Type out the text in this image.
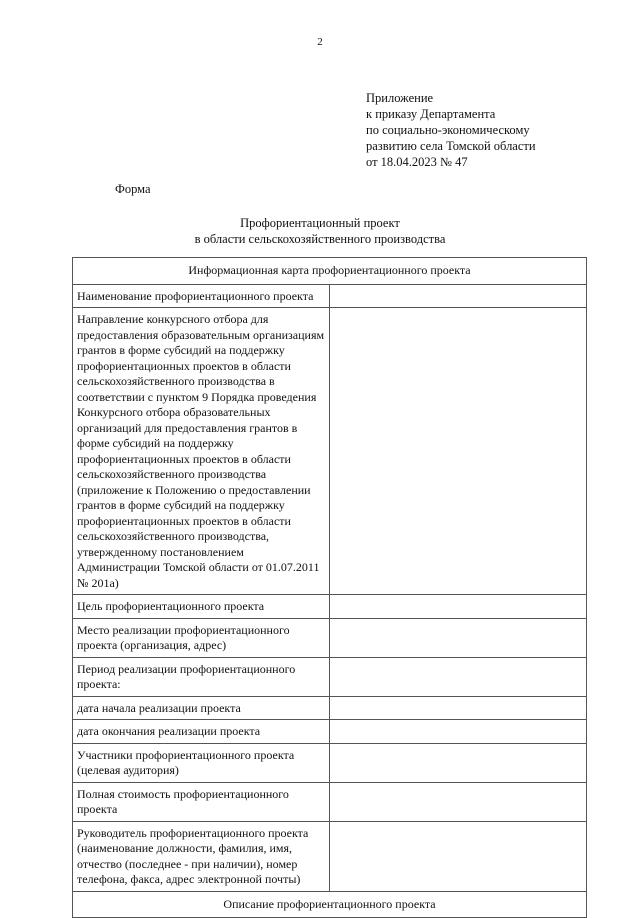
2
Приложение
к приказу Департамента
по социально-экономическому
развитию села Томской области
от 18.04.2023 № 47
Форма
Профориентационный проект
в области сельскохозяйственного производства
Информационная карта профориентационного проекта	
Наименование профориентационного проекта	
Направление конкурсного отбора для предоставления образовательным организациям грантов в форме субсидий на поддержку профориентационных проектов в области сельскохозяйственного производства в соответствии с пунктом 9 Порядка проведения Конкурсного отбора образовательных организаций для предоставления грантов в форме субсидий на поддержку профориентационных проектов в области сельскохозяйственного производства (приложение к Положению о предоставлении грантов в форме субсидий на поддержку профориентационных проектов в области сельскохозяйственного производства, утвержденному постановлением Администрации Томской области от 01.07.2011 № 201а)	
Цель профориентационного проекта	
Место реализации профориентационного проекта (организация, адрес)	
Период реализации профориентационного проекта:	
дата начала реализации проекта	
дата окончания реализации проекта	
Участники профориентационного проекта (целевая аудитория)	
Полная стоимость профориентационного проекта	
Руководитель профориентационного проекта (наименование должности, фамилия, имя, отчество (последнее - при наличии), номер телефона, факса, адрес электронной почты)	
Описание профориентационного проекта	
